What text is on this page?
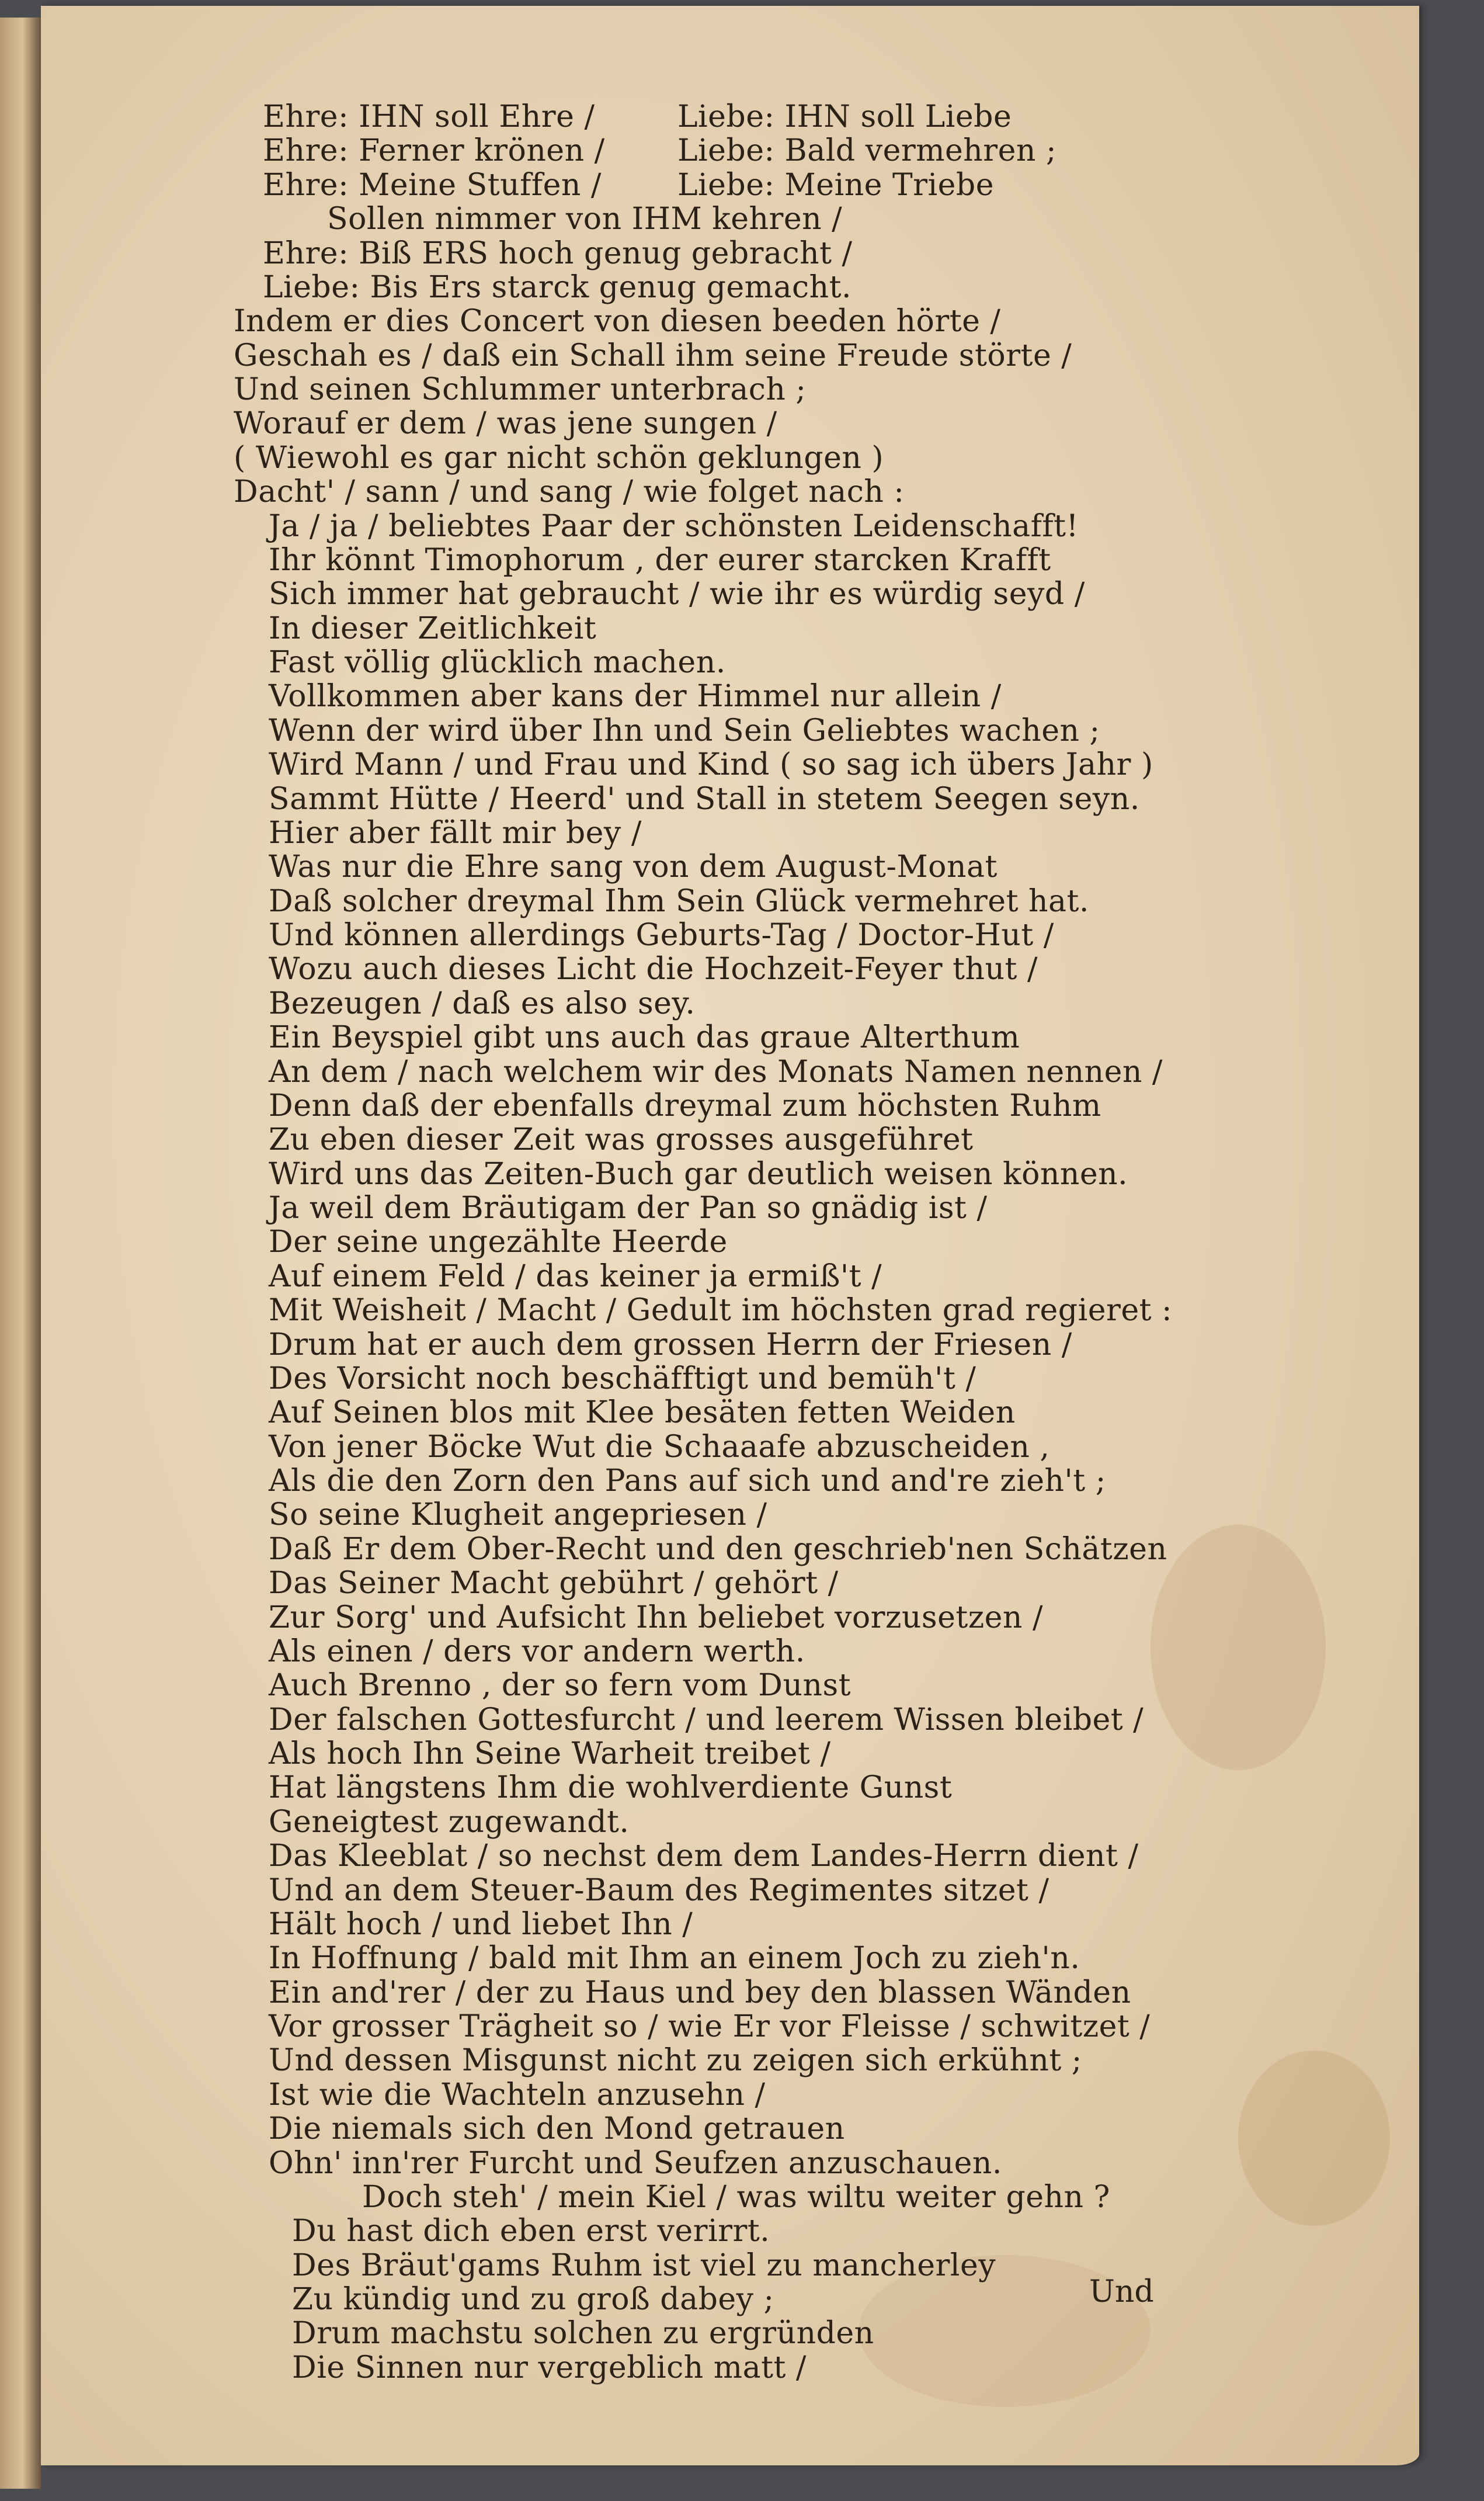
Ehre: IHN soll Ehre /	Liebe: IHN soll Liebe
Ehre: Ferner krönen / Liebe: Bald vermehren ;
Ehre: Meine Stuffen /	Liebe: Meine Triebe
Sollen nimmer von IHM kehren /
Ehre: Biß ERS hoch genug gebracht /
Liebe: Bis Ers starck genug gemacht.
Indem er dies Concert von diesen beeden hörte /
Geschah es / daß ein Schall ihm seine Freude störte /
Und seinen Schlummer unterbrach ;
Worauf er dem / was jene sungen /
( Wiewohl es gar nicht schön geklungen )
Dacht' / sann / und sang / wie folget nach :
Ja / ja / beliebtes Paar der schönsten Leidenschafft!
Ihr könnt Timophorum , der eurer starcken Krafft
Sich immer hat gebraucht / wie ihr es würdig seyd /
In dieser Zeitlichkeit
Fast völlig glücklich machen.
Vollkommen aber kans der Himmel nur allein /
Wenn der wird über Ihn und Sein Geliebtes wachen ;
Wird Mann / und Frau und Kind ( so sag ich übers Jahr )
Sammt Hütte / Heerd' und Stall in stetem Seegen seyn.
Hier aber fällt mir bey /
Was nur die Ehre sang von dem August-Monat
Daß solcher dreymal Ihm Sein Glück vermehret hat.
Und können allerdings Geburts-Tag / Doctor-Hut /
Wozu auch dieses Licht die Hochzeit-Feyer thut /
Bezeugen / daß es also sey.
Ein Beyspiel gibt uns auch das graue Alterthum
An dem / nach welchem wir des Monats Namen nennen /
Denn daß der ebenfalls dreymal zum höchsten Ruhm
Zu eben dieser Zeit was grosses ausgeführet
Wird uns das Zeiten-Buch gar deutlich weisen können.
Ja weil dem Bräutigam der Pan so gnädig ist /
Der seine ungezählte Heerde
Auf einem Feld / das keiner ja ermiß't /
Mit Weisheit / Macht / Gedult im höchsten grad regieret :
Drum hat er auch dem grossen Herrn der Friesen /
Des Vorsicht noch beschäfftigt und bemüh't /
Auf Seinen blos mit Klee besäten fetten Weiden
Von jener Böcke Wut die Schaaafe abzuscheiden ,
Als die den Zorn den Pans auf sich und and're zieh't ;
So seine Klugheit angepriesen /
Daß Er dem Ober-Recht und den geschrieb'nen Schätzen
Das Seiner Macht gebührt / gehört /
Zur Sorg' und Aufsicht Ihn beliebet vorzusetzen /
Als einen / ders vor andern werth.
Auch Brenno , der so fern vom Dunst
Der falschen Gottesfurcht / und leerem Wissen bleibet /
Als hoch Ihn Seine Warheit treibet /
Hat längstens Ihm die wohlverdiente Gunst
Geneigtest zugewandt.
Das Kleeblat / so nechst dem dem Landes-Herrn dient /
Und an dem Steuer-Baum des Regimentes sitzet /
Hält hoch / und liebet Ihn /
In Hoffnung / bald mit Ihm an einem Joch zu zieh'n.
Ein and'rer / der zu Haus und bey den blassen Wänden
Vor grosser Trägheit so / wie Er vor Fleisse / schwitzet /
Und dessen Misgunst nicht zu zeigen sich erkühnt ;
Ist wie die Wachteln anzusehn /
Die niemals sich den Mond getrauen
Ohn' inn'rer Furcht und Seufzen anzuschauen.
Doch steh' / mein Kiel / was wiltu weiter gehn ?
Du hast dich eben erst verirrt.
Des Bräut'gams Ruhm ist viel zu mancherley
Zu kündig und zu groß dabey ;
Drum machstu solchen zu ergründen
Die Sinnen nur vergeblich matt /
Und
